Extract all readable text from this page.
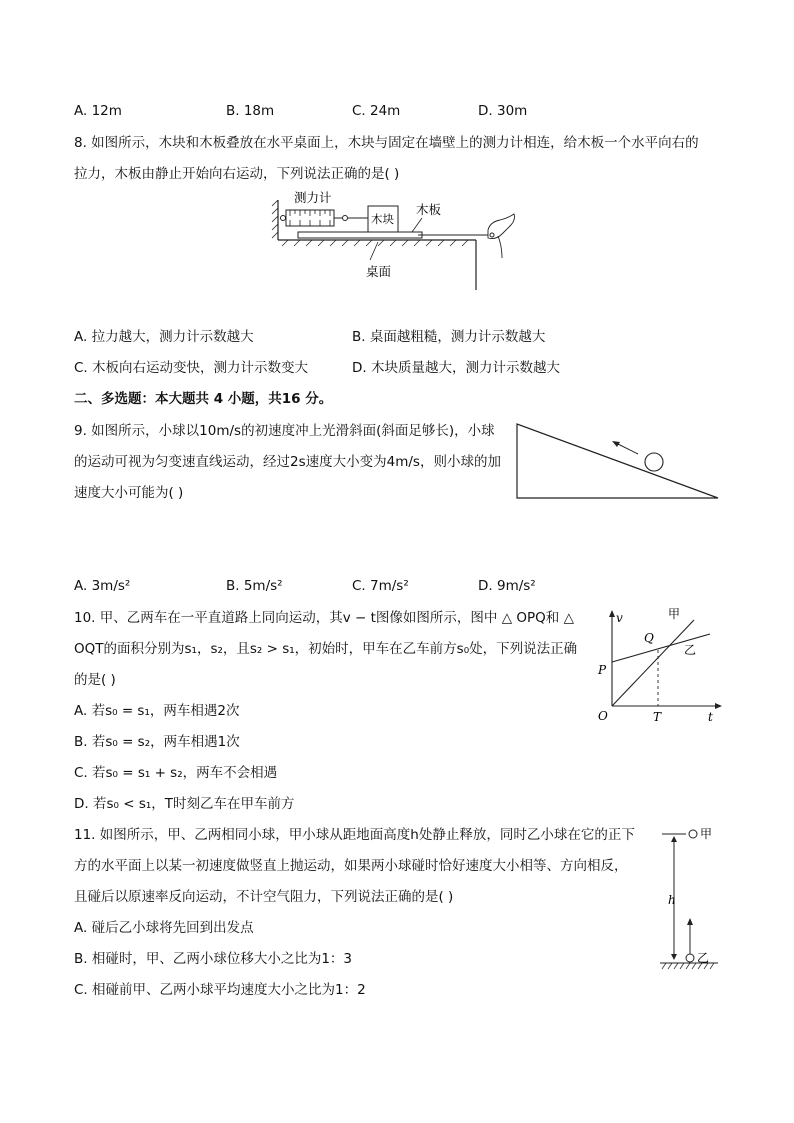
A. 12m	B. 18m	C. 24m	D. 30m
8. 如图所示，木块和木板叠放在水平桌面上，木块与固定在墙壁上的测力计相连，给木板一个水平向右的
拉力，木板由静止开始向右运动，下列说法正确的是( )
测力计
木块
木板
桌面
A. 拉力越大，测力计示数越大	B. 桌面越粗糙，测力计示数越大
C. 木板向右运动变快，测力计示数变大	D. 木块质量越大，测力计示数越大
二、多选题：本大题共 4 小题，共16 分。
9. 如图所示，小球以10m/s的初速度冲上光滑斜面(斜面足够长)，小球
的运动可视为匀变速直线运动，经过2s速度大小变为4m/s，则小球的加
速度大小可能为( )
A. 3m/s²	B. 5m/s²	C. 7m/s²	D. 9m/s²
10. 甲、乙两车在一平直道路上同向运动，其v − t图像如图所示，图中 △ OPQ和 △
OQT的面积分别为s₁，s₂，且s₂ > s₁，初始时，甲车在乙车前方s₀处，下列说法正确
的是( )
A. 若s₀ = s₁，两车相遇2次
B. 若s₀ = s₂，两车相遇1次
C. 若s₀ = s₁ + s₂，两车不会相遇
D. 若s₀ < s₁，T时刻乙车在甲车前方
v
t
O
P
Q
T
甲
乙
11. 如图所示，甲、乙两相同小球，甲小球从距地面高度h处静止释放，同时乙小球在它的正下
方的水平面上以某一初速度做竖直上抛运动，如果两小球碰时恰好速度大小相等、方向相反，
且碰后以原速率反向运动，不计空气阻力，下列说法正确的是( )
A. 碰后乙小球将先回到出发点
B. 相碰时，甲、乙两小球位移大小之比为1：3
C. 相碰前甲、乙两小球平均速度大小之比为1：2
甲
h
乙
